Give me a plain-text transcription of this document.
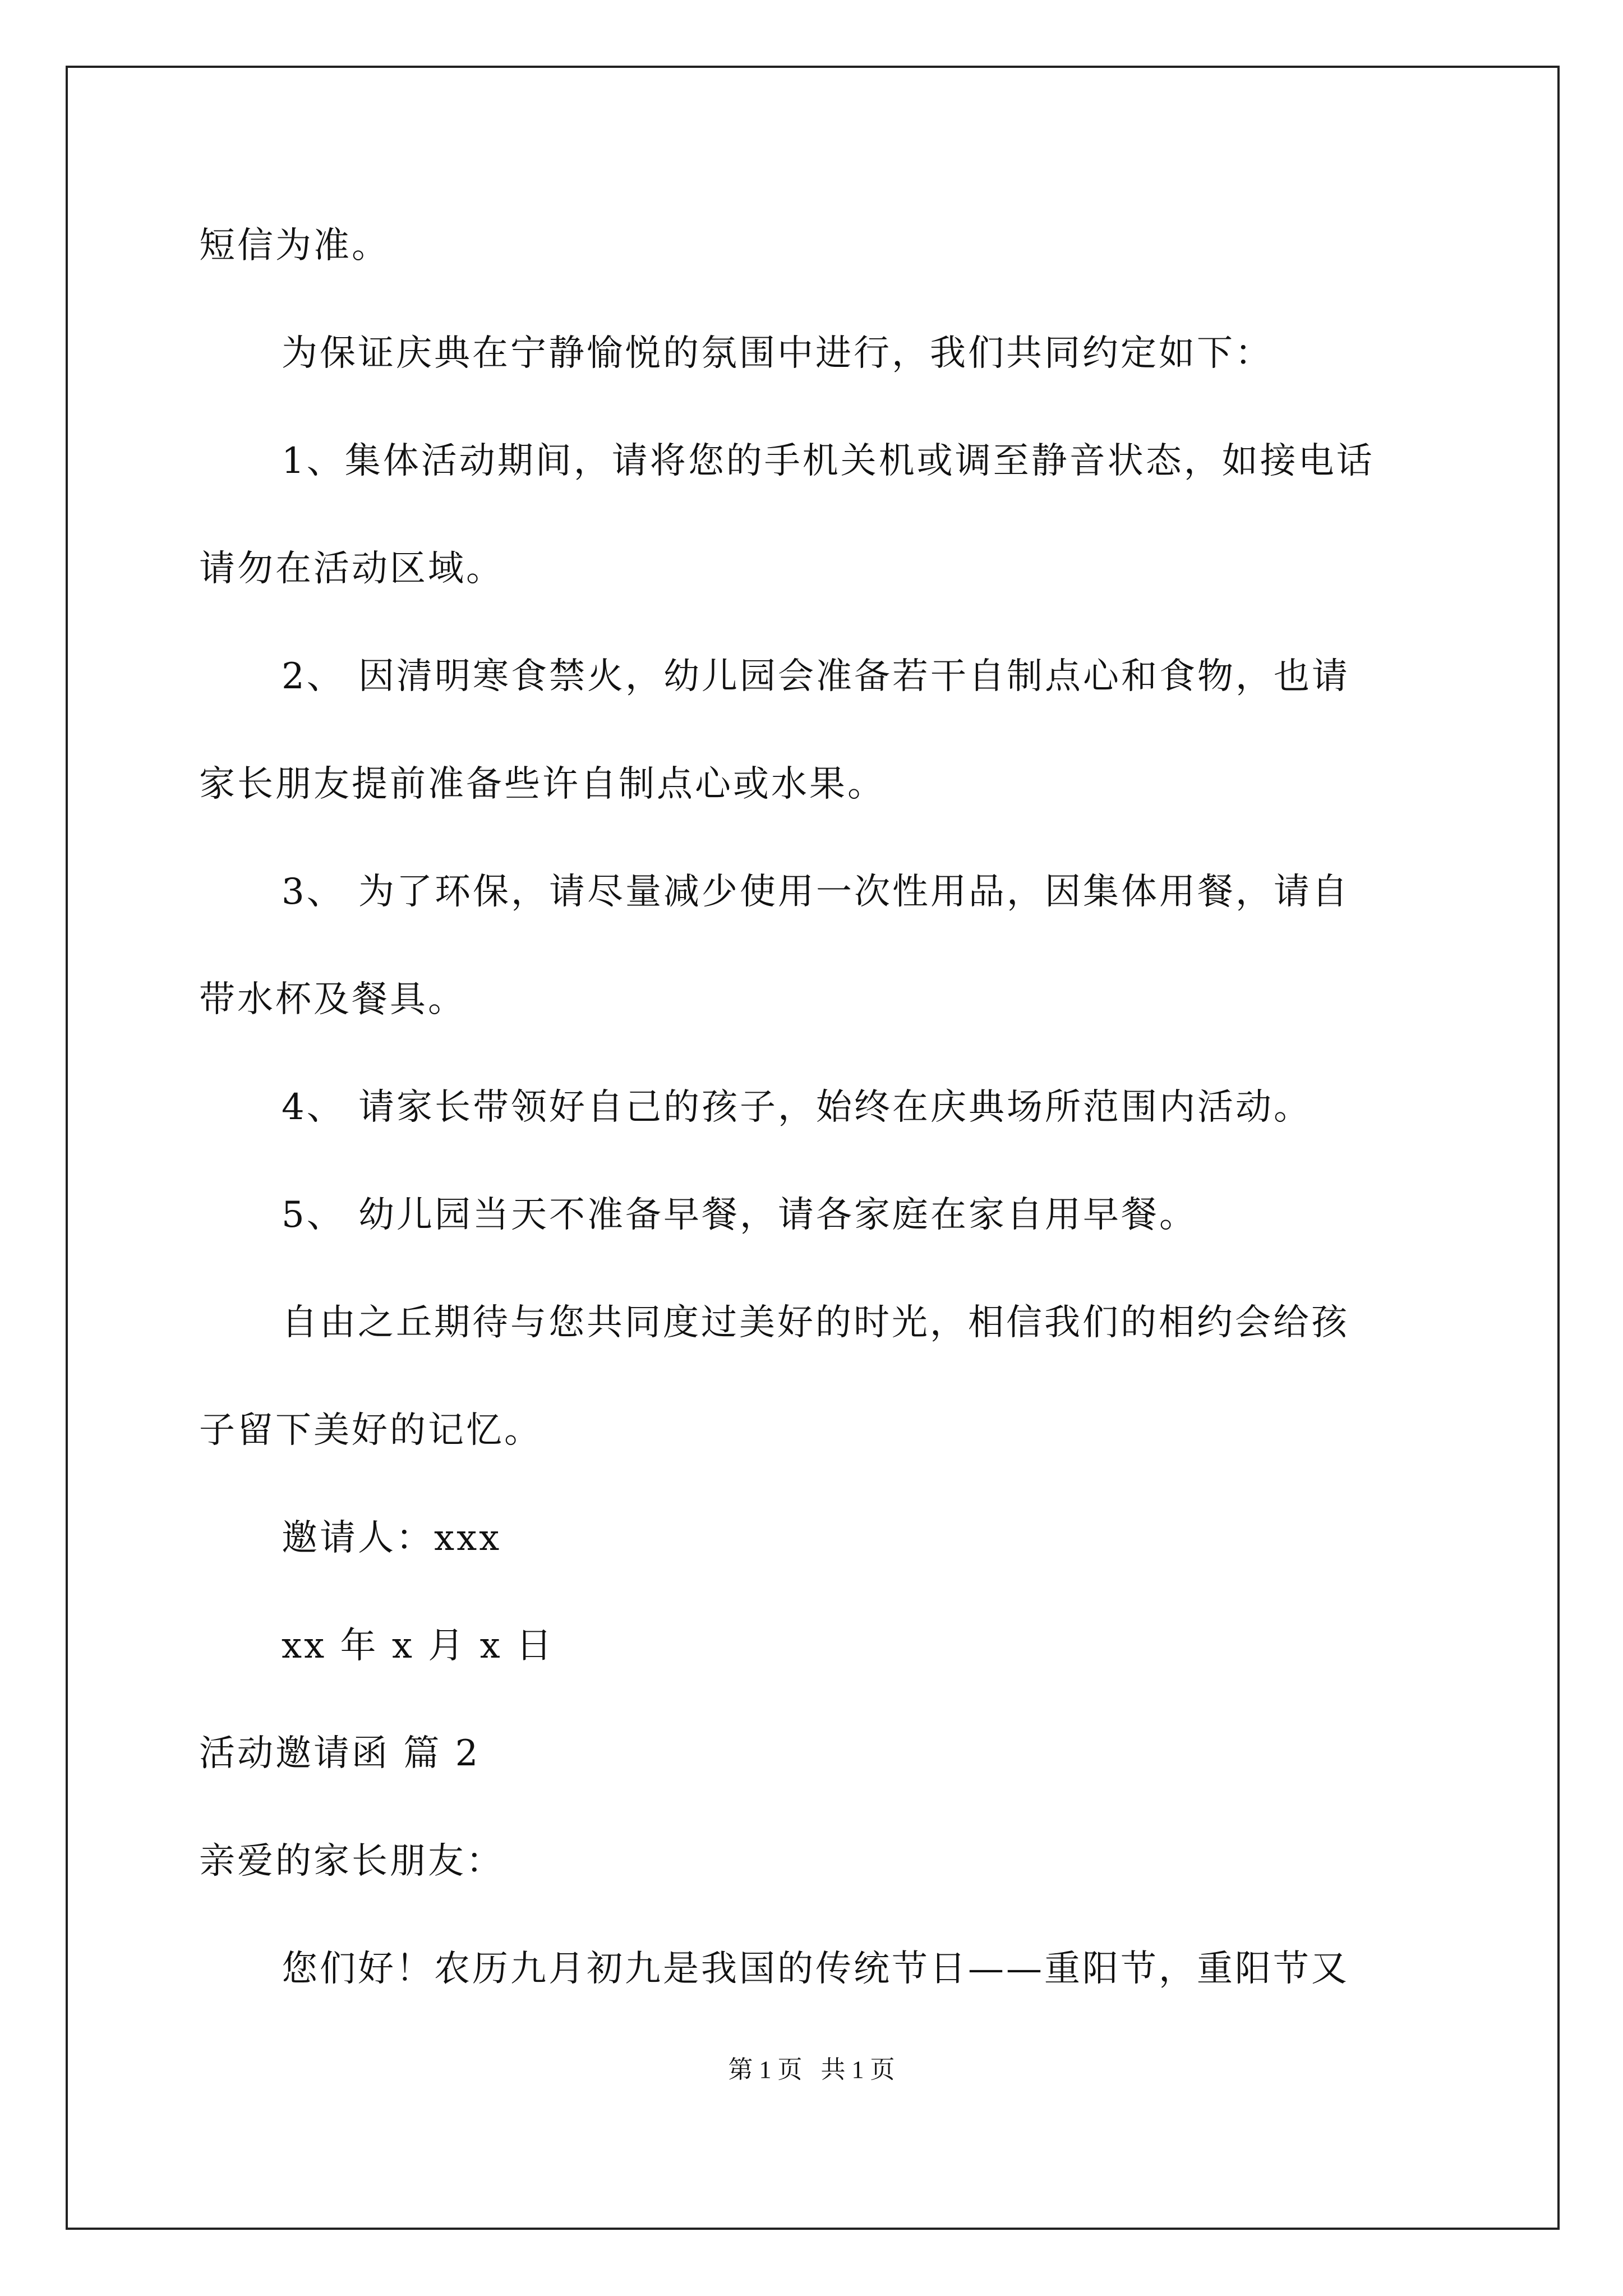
短信为准。
为保证庆典在宁静愉悦的氛围中进行，我们共同约定如下：
1、集体活动期间，请将您的手机关机或调至静音状态，如接电话
请勿在活动区域。
2、 因清明寒食禁火，幼儿园会准备若干自制点心和食物，也请
家长朋友提前准备些许自制点心或水果。
3、 为了环保，请尽量减少使用一次性用品，因集体用餐，请自
带水杯及餐具。
4、 请家长带领好自己的孩子，始终在庆典场所范围内活动。
5、 幼儿园当天不准备早餐，请各家庭在家自用早餐。
自由之丘期待与您共同度过美好的时光，相信我们的相约会给孩
子留下美好的记忆。
邀请人：xxx
xx 年 x 月 x 日
活动邀请函 篇 2
亲爱的家长朋友：
您们好！农历九月初九是我国的传统节日——重阳节，重阳节又
第 1 页   共 1 页
